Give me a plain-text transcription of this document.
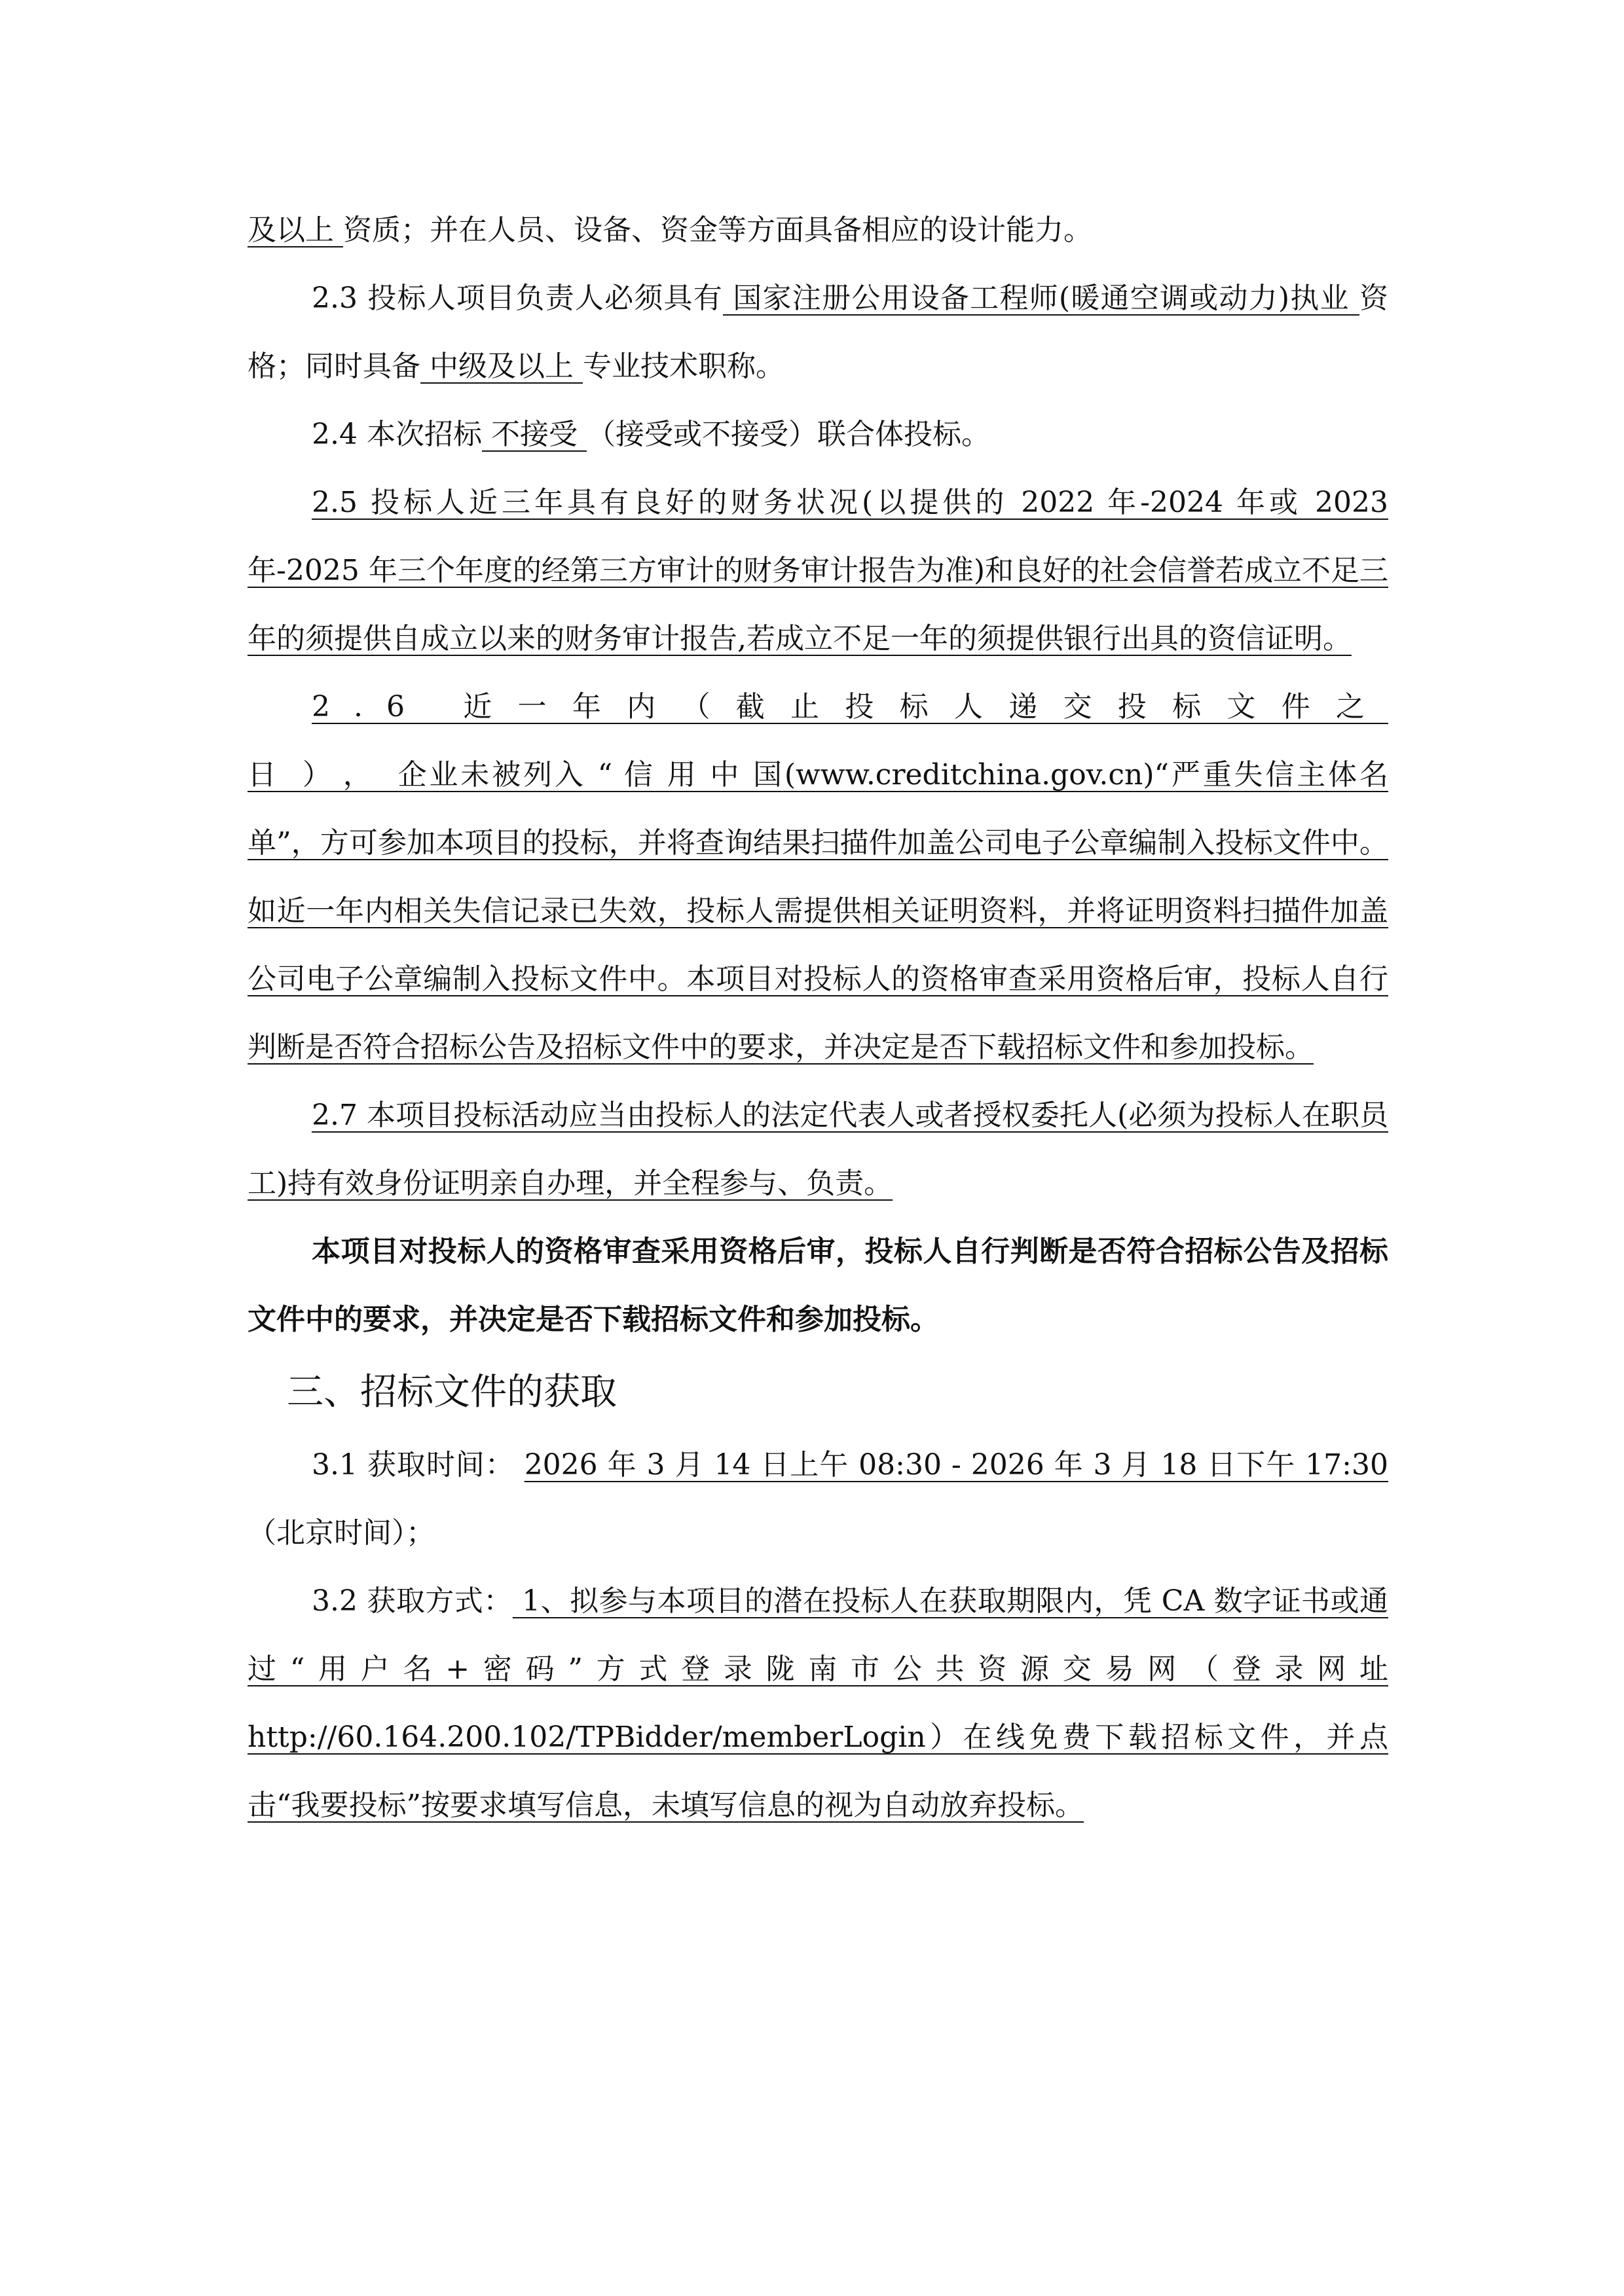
及以上 资质；并在人员、设备、资金等方面具备相应的设计能力。

2.3 投标人项目负责人必须具有 国家注册公用设备工程师(暖通空调或动力)执业 资格；同时具备 中级及以上 专业技术职称。

2.4 本次招标 不接受 （接受或不接受）联合体投标。

2.5 投标人近三年具有良好的财务状况(以提供的 2022 年-2024 年或 2023 年-2025 年三个年度的经第三方审计的财务审计报告为准)和良好的社会信誉若成立不足三年的须提供自成立以来的财务审计报告,若成立不足一年的须提供银行出具的资信证明。

2.6 近一年内（截止投标人递交投标文件之日），企业未被列入 “ 信 用 中 国(www.creditchina.gov.cn)“严重失信主体名单”，方可参加本项目的投标，并将查询结果扫描件加盖公司电子公章编制入投标文件中。如近一年内相关失信记录已失效，投标人需提供相关证明资料，并将证明资料扫描件加盖公司电子公章编制入投标文件中。本项目对投标人的资格审查采用资格后审，投标人自行判断是否符合招标公告及招标文件中的要求，并决定是否下载招标文件和参加投标。

2.7 本项目投标活动应当由投标人的法定代表人或者授权委托人(必须为投标人在职员工)持有效身份证明亲自办理，并全程参与、负责。

本项目对投标人的资格审查采用资格后审，投标人自行判断是否符合招标公告及招标文件中的要求，并决定是否下载招标文件和参加投标。

三、招标文件的获取

3.1 获取时间： 2026 年 3 月 14 日上午 08:30 - 2026 年 3 月 18 日下午 17:30 （北京时间）；

3.2 获取方式： 1、拟参与本项目的潜在投标人在获取期限内，凭 CA 数字证书或通过“用户名+密码”方式登录陇南市公共资源交易网（登录网址 http://60.164.200.102/TPBidder/memberLogin）在线免费下载招标文件，并点击“我要投标”按要求填写信息，未填写信息的视为自动放弃投标。
